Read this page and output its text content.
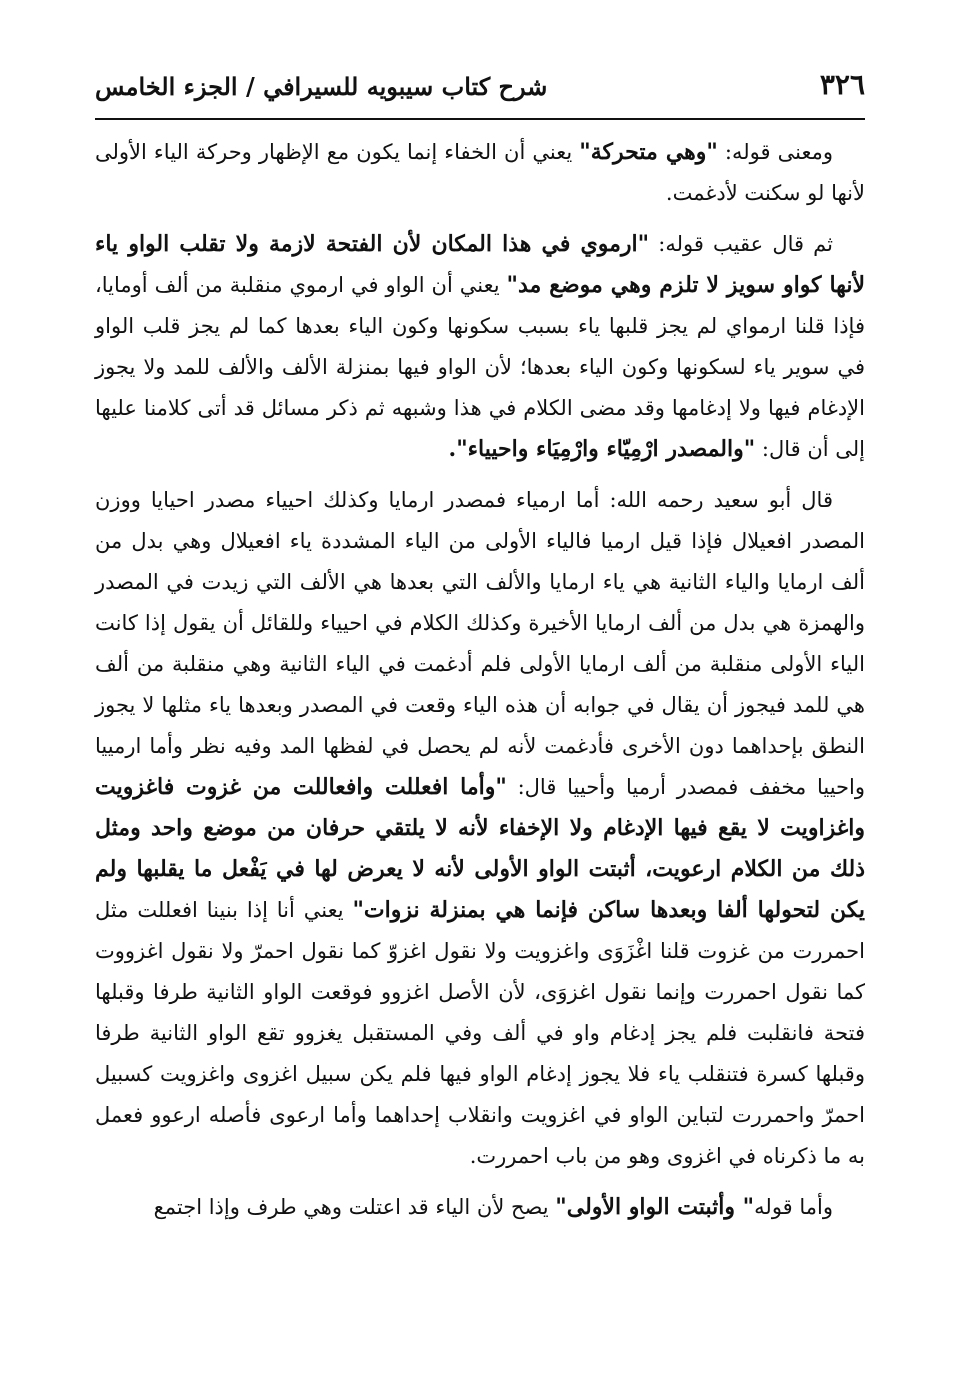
٣٢٦
شرح كتاب سيبويه للسيرافي / الجزء الخامس

ومعنى قوله: "وهي متحركة" يعني أن الخفاء إنما يكون مع الإظهار وحركة الياء الأولى لأنها لو سكنت لأدغمت.

ثم قال عقيب قوله: "ارموي في هذا المكان لأن الفتحة لازمة ولا تقلب الواو ياء لأنها كواو سويز لا تلزم وهي موضع مد" يعني أن الواو في ارموي منقلبة من ألف أومايا، فإذا قلنا ارمواي لم يجز قلبها ياء بسبب سكونها وكون الياء بعدها كما لم يجز قلب الواو في سوير ياء لسكونها وكون الياء بعدها؛ لأن الواو فيها بمنزلة الألف والألف للمد ولا يجوز الإدغام فيها ولا إدغامها وقد مضى الكلام في هذا وشبهه ثم ذكر مسائل قد أتى كلامنا عليها إلى أن قال: "والمصدر ارْمِيّاء وارْمِيَاء واحيياء".

قال أبو سعيد رحمه الله: أما ارمياء فمصدر ارمايا وكذلك احيياء مصدر احيايا ووزن المصدر افعيلال فإذا قيل ارميا فالياء الأولى من الياء المشددة ياء افعيلال وهي بدل من ألف ارمايا والياء الثانية هي ياء ارمايا والألف التي بعدها هي الألف التي زيدت في المصدر والهمزة هي بدل من ألف ارمايا الأخيرة وكذلك الكلام في احيياء وللقائل أن يقول إذا كانت الياء الأولى منقلبة من ألف ارمايا الأولى فلم أدغمت في الياء الثانية وهي منقلبة من ألف هي للمد فيجوز أن يقال في جوابه أن هذه الياء وقعت في المصدر وبعدها ياء مثلها لا يجوز النطق بإحداهما دون الأخرى فأدغمت لأنه لم يحصل في لفظها المد وفيه نظر وأما ارمييا واحييا مخفف فمصدر أرميا وأحييا قال: "وأما افعللت وافعاللت من غزوت فاغزويت واغزاويت لا يقع فيها الإدغام ولا الإخفاء لأنه لا يلتقي حرفان من موضع واحد ومثل ذلك من الكلام ارعويت، أثبتت الواو الأولى لأنه لا يعرض لها في يَفْعل ما يقلبها ولم يكن لتحولها ألفا وبعدها ساكن فإنما هي بمنزلة نزوات" يعني أنا إذا بنينا افعللت مثل احمررت من غزوت قلنا اغْزَوَى واغزويت ولا نقول اغزوّ كما نقول احمرّ ولا نقول اغزووت كما نقول احمررت وإنما نقول اغزوَى، لأن الأصل اغزوو فوقعت الواو الثانية طرفا وقبلها فتحة فانقلبت فلم يجز إدغام واو في ألف وفي المستقبل يغزوو تقع الواو الثانية طرفا وقبلها كسرة فتنقلب ياء فلا يجوز إدغام الواو فيها فلم يكن سبيل اغزوى واغزويت كسبيل احمرّ واحمررت لتباين الواو في اغزويت وانقلاب إحداهما وأما ارعوى فأصله ارعوو فعمل به ما ذكرناه في اغزوى وهو من باب احمررت.

وأما قوله" وأثبتت الواو الأولى" يصح لأن الياء قد اعتلت وهي طرف وإذا اجتمع
